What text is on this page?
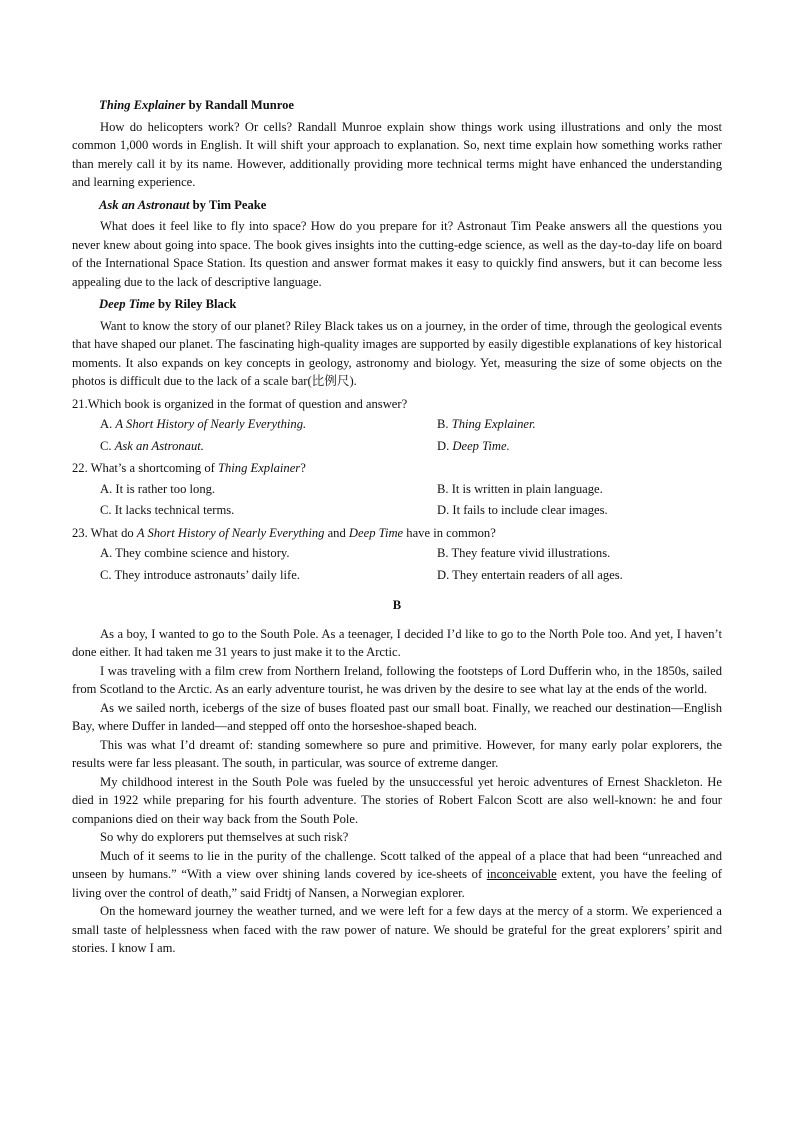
Thing Explainer by Randall Munroe

How do helicopters work? Or cells? Randall Munroe explain show things work using illustrations and only the most common 1,000 words in English. It will shift your approach to explanation. So, next time explain how something works rather than merely call it by its name. However, additionally providing more technical terms might have enhanced the understanding and learning experience.

Ask an Astronaut by Tim Peake

What does it feel like to fly into space? How do you prepare for it? Astronaut Tim Peake answers all the questions you never knew about going into space. The book gives insights into the cutting-edge science, as well as the day-to-day life on board of the International Space Station. Its question and answer format makes it easy to quickly find answers, but it can become less appealing due to the lack of descriptive language.

Deep Time by Riley Black

Want to know the story of our planet? Riley Black takes us on a journey, in the order of time, through the geological events that have shaped our planet. The fascinating high-quality images are supported by easily digestible explanations of key historical moments. It also expands on key concepts in geology, astronomy and biology. Yet, measuring the size of some objects on the photos is difficult due to the lack of a scale bar(比例尺).

21.Which book is organized in the format of question and answer?
A. A Short History of Nearly Everything.	B. Thing Explainer.
C. Ask an Astronaut.	D. Deep Time.
22. What’s a shortcoming of Thing Explainer?
A. It is rather too long.	B. It is written in plain language.
C. It lacks technical terms.	D. It fails to include clear images.
23. What do A Short History of Nearly Everything and Deep Time have in common?
A. They combine science and history.	B. They feature vivid illustrations.
C. They introduce astronauts’ daily life.	D. They entertain readers of all ages.
B

As a boy, I wanted to go to the South Pole. As a teenager, I decided I’d like to go to the North Pole too. And yet, I haven’t done either. It had taken me 31 years to just make it to the Arctic.

I was traveling with a film crew from Northern Ireland, following the footsteps of Lord Dufferin who, in the 1850s, sailed from Scotland to the Arctic. As an early adventure tourist, he was driven by the desire to see what lay at the ends of the world.

As we sailed north, icebergs of the size of buses floated past our small boat. Finally, we reached our destination—English Bay, where Duffer in landed—and stepped off onto the horseshoe-shaped beach.

This was what I’d dreamt of: standing somewhere so pure and primitive. However, for many early polar explorers, the results were far less pleasant. The south, in particular, was source of extreme danger.

My childhood interest in the South Pole was fueled by the unsuccessful yet heroic adventures of Ernest Shackleton. He died in 1922 while preparing for his fourth adventure. The stories of Robert Falcon Scott are also well-known: he and four companions died on their way back from the South Pole.

So why do explorers put themselves at such risk?

Much of it seems to lie in the purity of the challenge. Scott talked of the appeal of a place that had been “unreached and unseen by humans.” “With a view over shining lands covered by ice-sheets of inconceivable extent, you have the feeling of living over the control of death,” said Fridtj of Nansen, a Norwegian explorer.

On the homeward journey the weather turned, and we were left for a few days at the mercy of a storm. We experienced a small taste of helplessness when faced with the raw power of nature. We should be grateful for the great explorers’ spirit and stories. I know I am.
